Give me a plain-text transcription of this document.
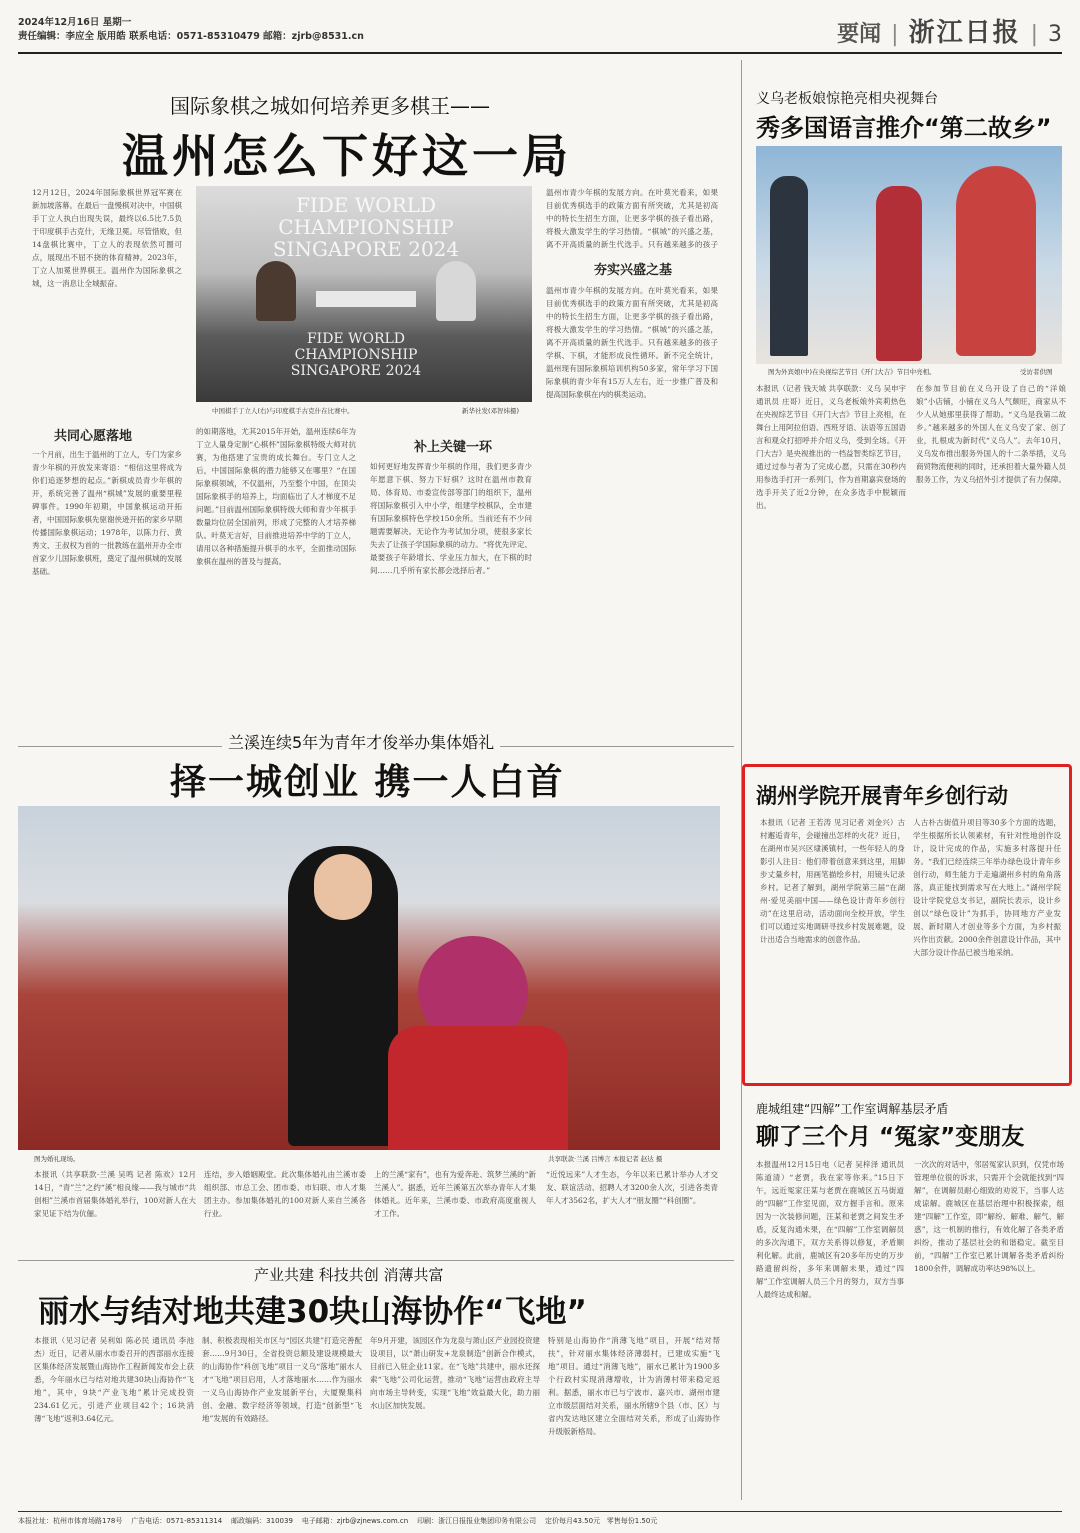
2024年12月16日 星期一
责任编辑：李应全 版用皓 联系电话：0571-85310479 邮箱：zjrb@8531.cn	要闻 | 浙江日报 | 3
国际象棋之城如何培养更多棋王——
温州怎么下好这一局
12月12日，2024年国际象棋世界冠军赛在新加坡落幕。在最后一盘慢棋对决中，中国棋手丁立人执白出现失误，最终以6.5比7.5负于印度棋手古克什，无缘卫冕。尽管惜败，但14盘棋比赛中，丁立人的表现依然可圈可点，展现出不屈不挠的体育精神。2023年，丁立人加冕世界棋王。温州作为国际象棋之城，这一消息让全城振奋。
共同心愿落地
一个月前，出生于温州的丁立人，专门为家乡青少年棋的开放发来寄语：“相信这里将成为你们追逐梦想的起点。”新棋成员青少年棋的开，系统完善了温州“棋城”发展的重要里程碑事件。1990年初期，中国象棋运动开拓者，中国国际象棋先驱谢侠逊开拓的家乡早期传播国际象棋运动；1978年，以陈力行、黄秀文、王叔权为首的一批教练在温州开办全市首家少儿国际象棋班，奠定了温州棋城的发展基础。
FIDE WORLD CHAMPIONSHIP SINGAPORE 2024
FIDE WORLD CHAMPIONSHIP SINGAPORE 2024
中国棋手丁立人(右)与印度棋手古克什在比赛中。	新华社发(邓智炜摄)
的如期落地，尤其2015年开始，温州连续6年为丁立人量身定制“心棋杯”国际象棋特级大师对抗赛，为他搭建了宝贵的成长舞台。专门立人之后，中国国际象棋的潜力能够又在哪里？“在国际象棋领域，不仅温州，乃至整个中国，在顶尖国际象棋手的培养上，均面临出了人才梯度不足问题。”目前温州国际象棋特级大师和青少年棋手数量均位居全国前列，形成了完整的人才培养梯队。叶莫无言好，目前推进培养中学的丁立人，请用以各种措施提升棋手的水平，全面推动国际象棋在温州的普及与提高。
补上关键一环
如何更好地发挥青少年棋的作用，我们更多青少年愿意下棋、努力下好棋？这时在温州市教育局、体育局、市委宣传部等部门的组织下，温州将国际象棋引入中小学，组建学校棋队，全市建有国际象棋特色学校150余所。当前还有不少问题需要解决。无论作为考试加分项，使很多家长失去了让孩子学国际象棋的动力。“将优先评定、最要孩子年龄增长、学业压力加大，在下棋的时间……几乎所有家长都会选择后者。”
温州市青少年棋的发展方向。在叶莫光看来，如果目前优秀棋选手的政策方面有所突破，尤其是初高中的特长生招生方面，让更多学棋的孩子看出路，将极大激发学生的学习热情。“棋城”的兴盛之基，离不开高质量的新生代选手。只有越来越多的孩子
夯实兴盛之基
温州市青少年棋的发展方向。在叶莫光看来，如果目前优秀棋选手的政策方面有所突破，尤其是初高中的特长生招生方面，让更多学棋的孩子看出路，将极大激发学生的学习热情。“棋城”的兴盛之基，离不开高质量的新生代选手。只有越来越多的孩子学棋、下棋，才能形成良性循环。新不完全统计，温州现有国际象棋培训机构50多家，常年学习下国际象棋的青少年有15万人左右，近一步推广普及和提高国际象棋在内的棋类运动。
义乌老板娘惊艳亮相央视舞台
秀多国语言推介“第二故乡”
图为外宾娘(中)在央视综艺节目《开门大吉》节目中亮相。	受访者供图
本报讯（记者 钱天城 共享联款：义乌 吴申宇 通讯员 庄哥）近日，义乌老板娘外宾莉热色在央视综艺节目《开门大吉》节目上亮相，在舞台上用阿拉伯语、西班牙语、法语等五国语言和观众打招呼并介绍义乌，受到全场。《开门大吉》是央视推出的一档益智类综艺节目，通过过参与者为了完成心愿，只需在30秒内用参选手打开一系列门，作为首期嘉宾登场的选手开关了近2分钟，在众多选手中脱颖而出。
在参加节目前在义乌开设了自己的“洋娘娘”小店铺，小铺在义乌人气颇旺，商家从不少人从她那里获得了帮助。“义乌是我第二故乡。”越来越多的外国人在义乌安了家、创了业，扎根成为新时代“义乌人”。去年10月，义乌发布推出服务外国人的十二条举措，义乌商贸物流便利的同时，还承担着大量外籍人员服务工作，为义乌招外引才提供了有力保障。
兰溪连续5年为青年才俊举办集体婚礼
择一城创业 携一人白首
图为婚礼现场。	共享联款·兰溪 吕博言 本报记者 赵达 摄
本报讯（共享联款·兰溪 吴鸣 记者 陈欢）12月14日，“青”兰”之约“溪”相良缘——我与城市“共创相”兰溪市首届集体婚礼举行，100对新人在大家见证下结为伉俪。
连结，步入婚姻殿堂。此次集体婚礼由兰溪市委组织部、市总工会、团市委、市妇联、市人才集团主办。参加集体婚礼的100对新人来自兰溪各行业。
上的兰溪“家有”，也有为爱奔赴、筑梦兰溪的“新兰溪人”。据悉，近年兰溪第五次举办青年人才集体婚礼。近年来，兰溪市委、市政府高度重视人才工作。
“近悦远来”人才生态，今年以来已累计举办人才交友、联谊活动、招聘人才3200余人次，引进各类青年人才3562名，扩大人才“朋友圈”“科创圈”。
湖州学院开展青年乡创行动
本报讯（记者 王若涛 见习记者 刘金兴）古村邂逅青年，会碰撞出怎样的火花？近日，在湖州市吴兴区埭溪镇村，一些年轻人的身影引人注目：他们带着创意来到这里，用脚步丈量乡村，用画笔描绘乡村，用镜头记录乡村。记者了解到，湖州学院第三届“在湖州·爱见美丽中国——绿色设计青年乡创行动”在这里启动，活动面向全校开放，学生们可以通过实地调研寻找乡村发展难题，设计出适合当地需求的创意作品。
人古朴古街值升项目等30多个方面的选题，学生根据所长认领素材，有针对性地创作设计，设计完成的作品，实施多村落提升任务。“我们已经连续三年举办绿色设计青年乡创行动，师生能力于走遍湖州乡村的角角落落，真正能找到需求写在大地上。”湖州学院设计学院党总支书记，副院长表示，设计乡创以“绿色设计”为抓手，协同地方产业发展、新时期人才创业等多个方面，为乡村振兴作出贡献。2000余件创意设计作品，其中大部分设计作品已被当地采纳。
鹿城组建“四解”工作室调解基层矛盾
聊了三个月 “冤家”变朋友
本报温州12月15日电（记者 吴梓泽 通讯员 陈道清）“老贾，我在家等你来。”15日下午，远近冤家汪某与老贾在鹿城区五马街道的“四解”工作室见面，双方握手言和。原来因为一次装修问题，汪某和老贾之间发生矛盾，反复沟通未果，在“四解”工作室调解员的多次沟通下，双方关系得以修复，矛盾顺利化解。此前，鹿城区有20多年历史的万步路遗留纠纷，多年来调解未果，通过“四解”工作室调解人员三个月的努力，双方当事人最终达成和解。
一次次的对话中，邻居冤家认识到，仅凭市场管理单位很的诉求，只需开个会就能找到“四解”，在调解员耐心细致的劝说下，当事人达成谅解。鹿城区在基层治理中积极探索，组建“四解”工作室，即“解纷、解难、解气、解惑”，这一机制的推行，有效化解了各类矛盾纠纷，推动了基层社会的和谐稳定。截至目前，“四解”工作室已累计调解各类矛盾纠纷1800余件，调解成功率达98%以上。
产业共建 科技共创 消薄共富
丽水与结对地共建30块山海协作“飞地”
本报讯（见习记者 吴利如 陈必民 通讯员 李池杰）近日，记者从丽水市委召开的西部丽水连接区集体经济发展暨山海协作工程新闻发布会上获悉，今年丽水已与结对地共建30块山海协作“飞地”，其中，9块“产业飞地”累计完成投资234.61亿元，引进产业项目42个；16块消薄“飞地”返利3.64亿元。
制、积极表现相关市区与“园区共建”打造完善配套……9月30日，全省投资总额及建设规模最大的山海协作“科创飞地”项目一义乌“落地”丽水人才“飞地”项目启用，人才落地丽水……作为丽水一义乌山海协作产业发展新平台，大厦聚集科创、金融、数字经济等领域，打造“创新型“飞地”发展的有效路径。
年9月开建，该园区作为龙泉与萧山区产业园投资建设项目，以“萧山研发+龙泉制造”创新合作模式，目前已入驻企业11家。在“飞地”共建中，丽水还探索“飞地”公司化运营，推动“飞地”运营由政府主导向市场主导转变，实现“飞地”效益最大化，助力丽水山区加快发展。
特别是山海协作“消薄飞地”项目，开展“结对帮扶”，针对丽水集体经济薄弱村，已建成实施“飞地”项目。通过“消薄飞地”，丽水已累计为1900多个行政村实现消薄增收，计为消薄村带来稳定返利。据悉，丽水市已与宁波市、嘉兴市、湖州市建立市级层面结对关系，丽水所辖9个县（市、区）与省内发达地区建立全面结对关系，形成了山海协作升级版新格局。
本报社址：杭州市体育场路178号 广告电话：0571-85311314 邮政编码：310039 电子邮箱：zjrb@zjnews.com.cn 印刷：浙江日报报业集团印务有限公司 定价每月43.50元 零售每份1.50元
